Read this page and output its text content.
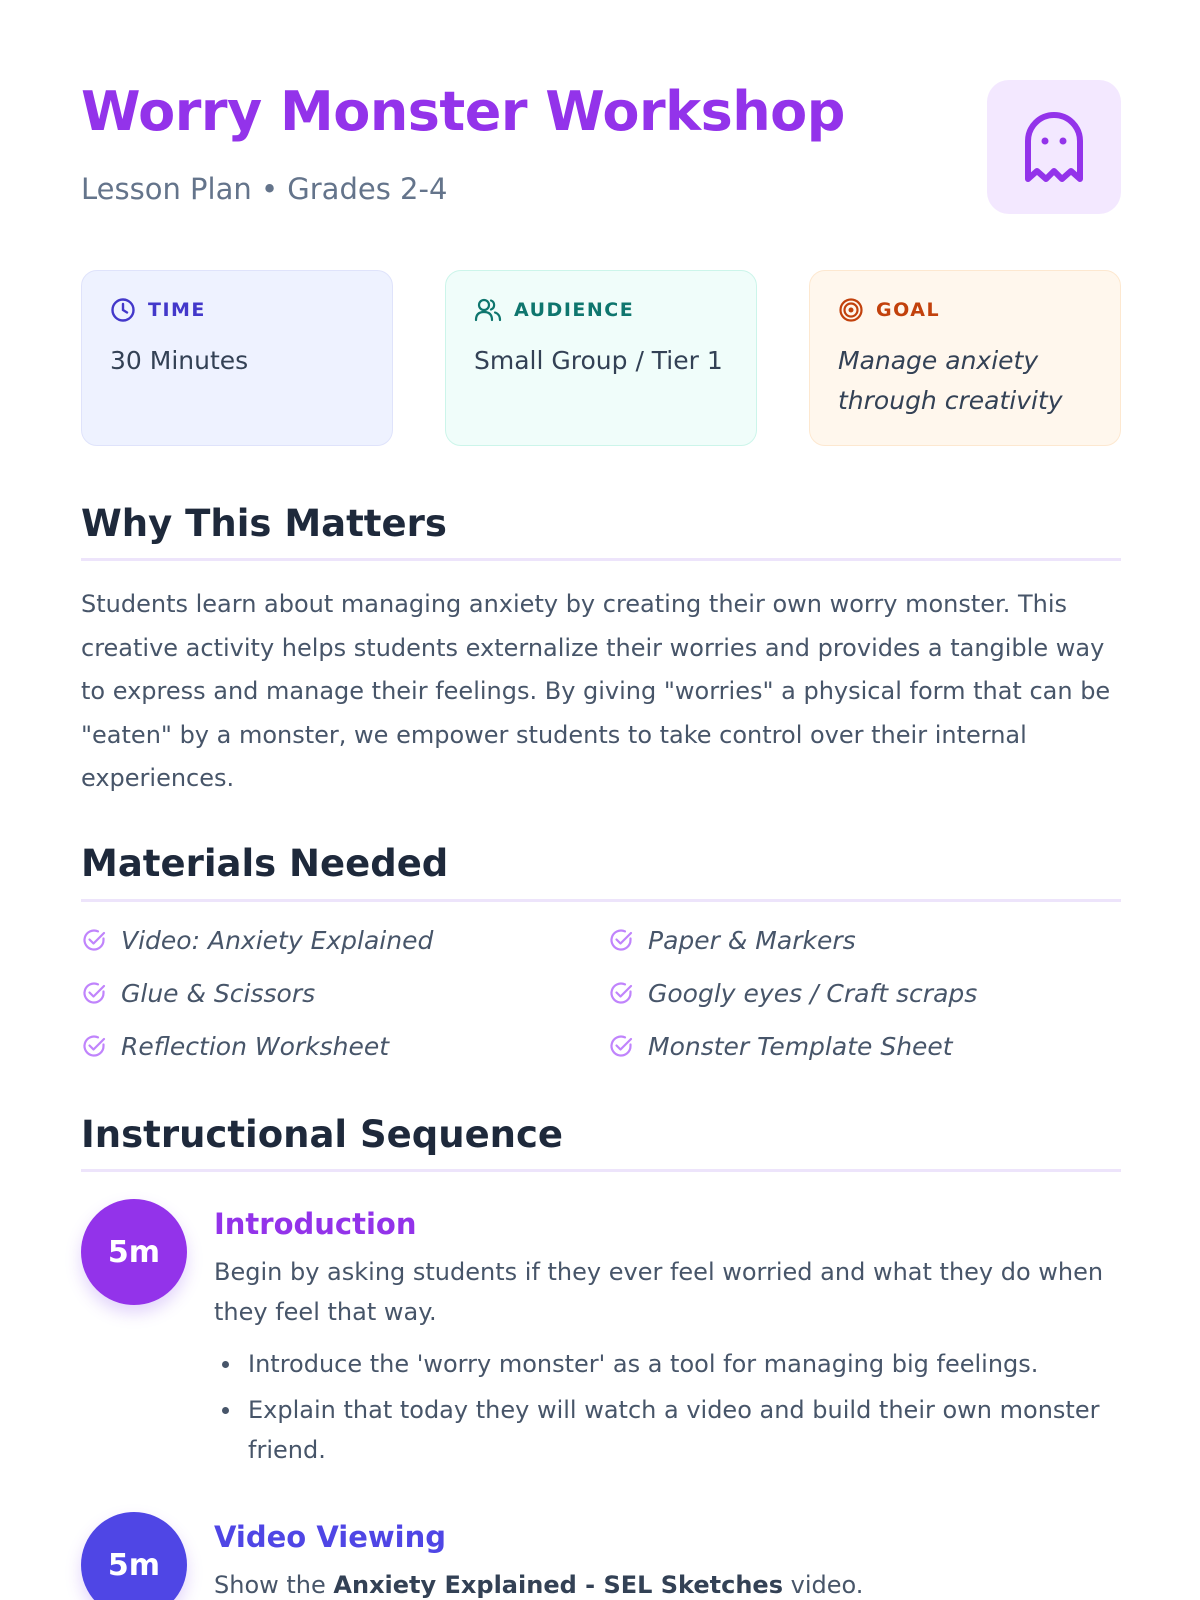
Worry Monster Workshop
Lesson Plan • Grades 2-4
TIME
30 Minutes
AUDIENCE
Small Group / Tier 1
GOAL
Manage anxiety
through creativity
Why This Matters

Students learn about managing anxiety by creating their own worry monster. This creative activity helps students externalize their worries and provides a tangible way to express and manage their feelings. By giving "worries" a physical form that can be "eaten" by a monster, we empower students to take control over their internal experiences.

Materials Needed
Video: Anxiety Explained	Paper & Markers
Glue & Scissors	Googly eyes / Craft scraps
Reflection Worksheet	Monster Template Sheet
Instructional Sequence
5m
Introduction
Begin by asking students if they ever feel worried and what they do when they feel that way.
Introduce the 'worry monster' as a tool for managing big feelings.
Explain that today they will watch a video and build their own monster friend.
5m
Video Viewing
Show the Anxiety Explained - SEL Sketches video.
